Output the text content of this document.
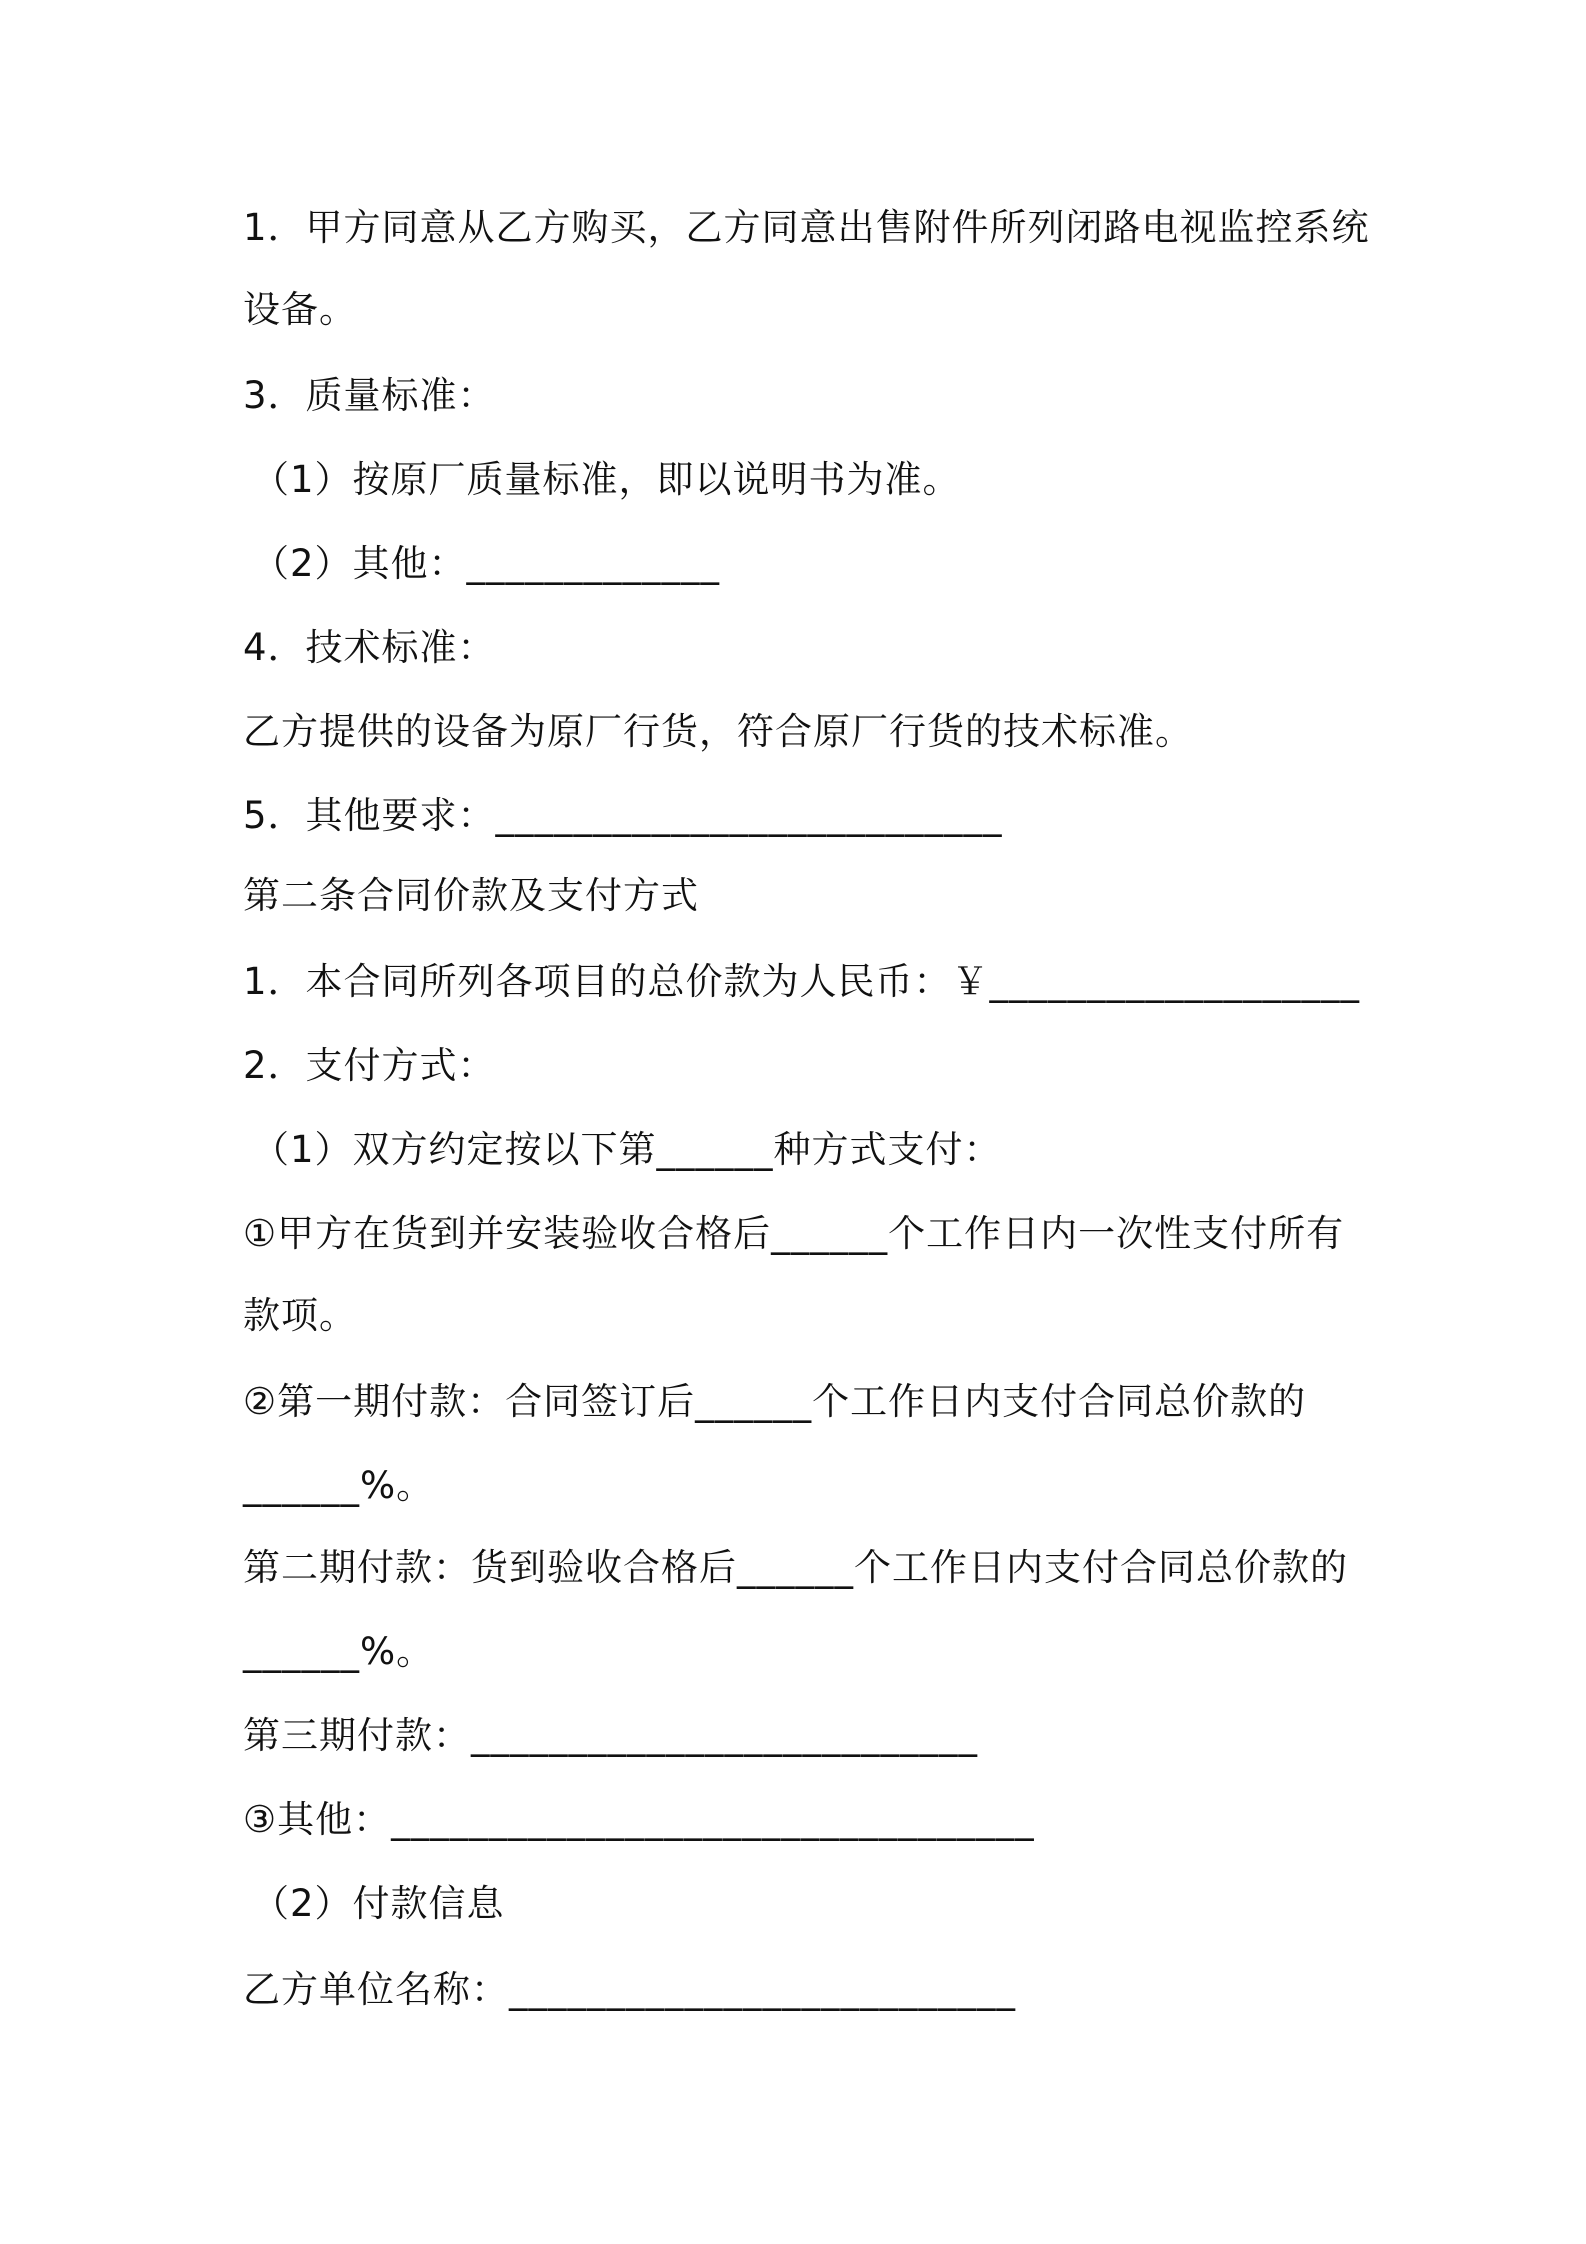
1．甲方同意从乙方购买，乙方同意出售附件所列闭路电视监控系统
设备。
3．质量标准：
（1）按原厂质量标准，即以说明书为准。
（2）其他：_____________
4．技术标准：
乙方提供的设备为原厂行货，符合原厂行货的技术标准。
5．其他要求：__________________________
第二条合同价款及支付方式
1．本合同所列各项目的总价款为人民币：￥___________________
2．支付方式：
（1）双方约定按以下第______种方式支付：
①甲方在货到并安装验收合格后______个工作日内一次性支付所有
款项。
②第一期付款：合同签订后______个工作日内支付合同总价款的
______%。
第二期付款：货到验收合格后______个工作日内支付合同总价款的
______%。
第三期付款：__________________________
③其他：_________________________________
（2）付款信息
乙方单位名称：__________________________
